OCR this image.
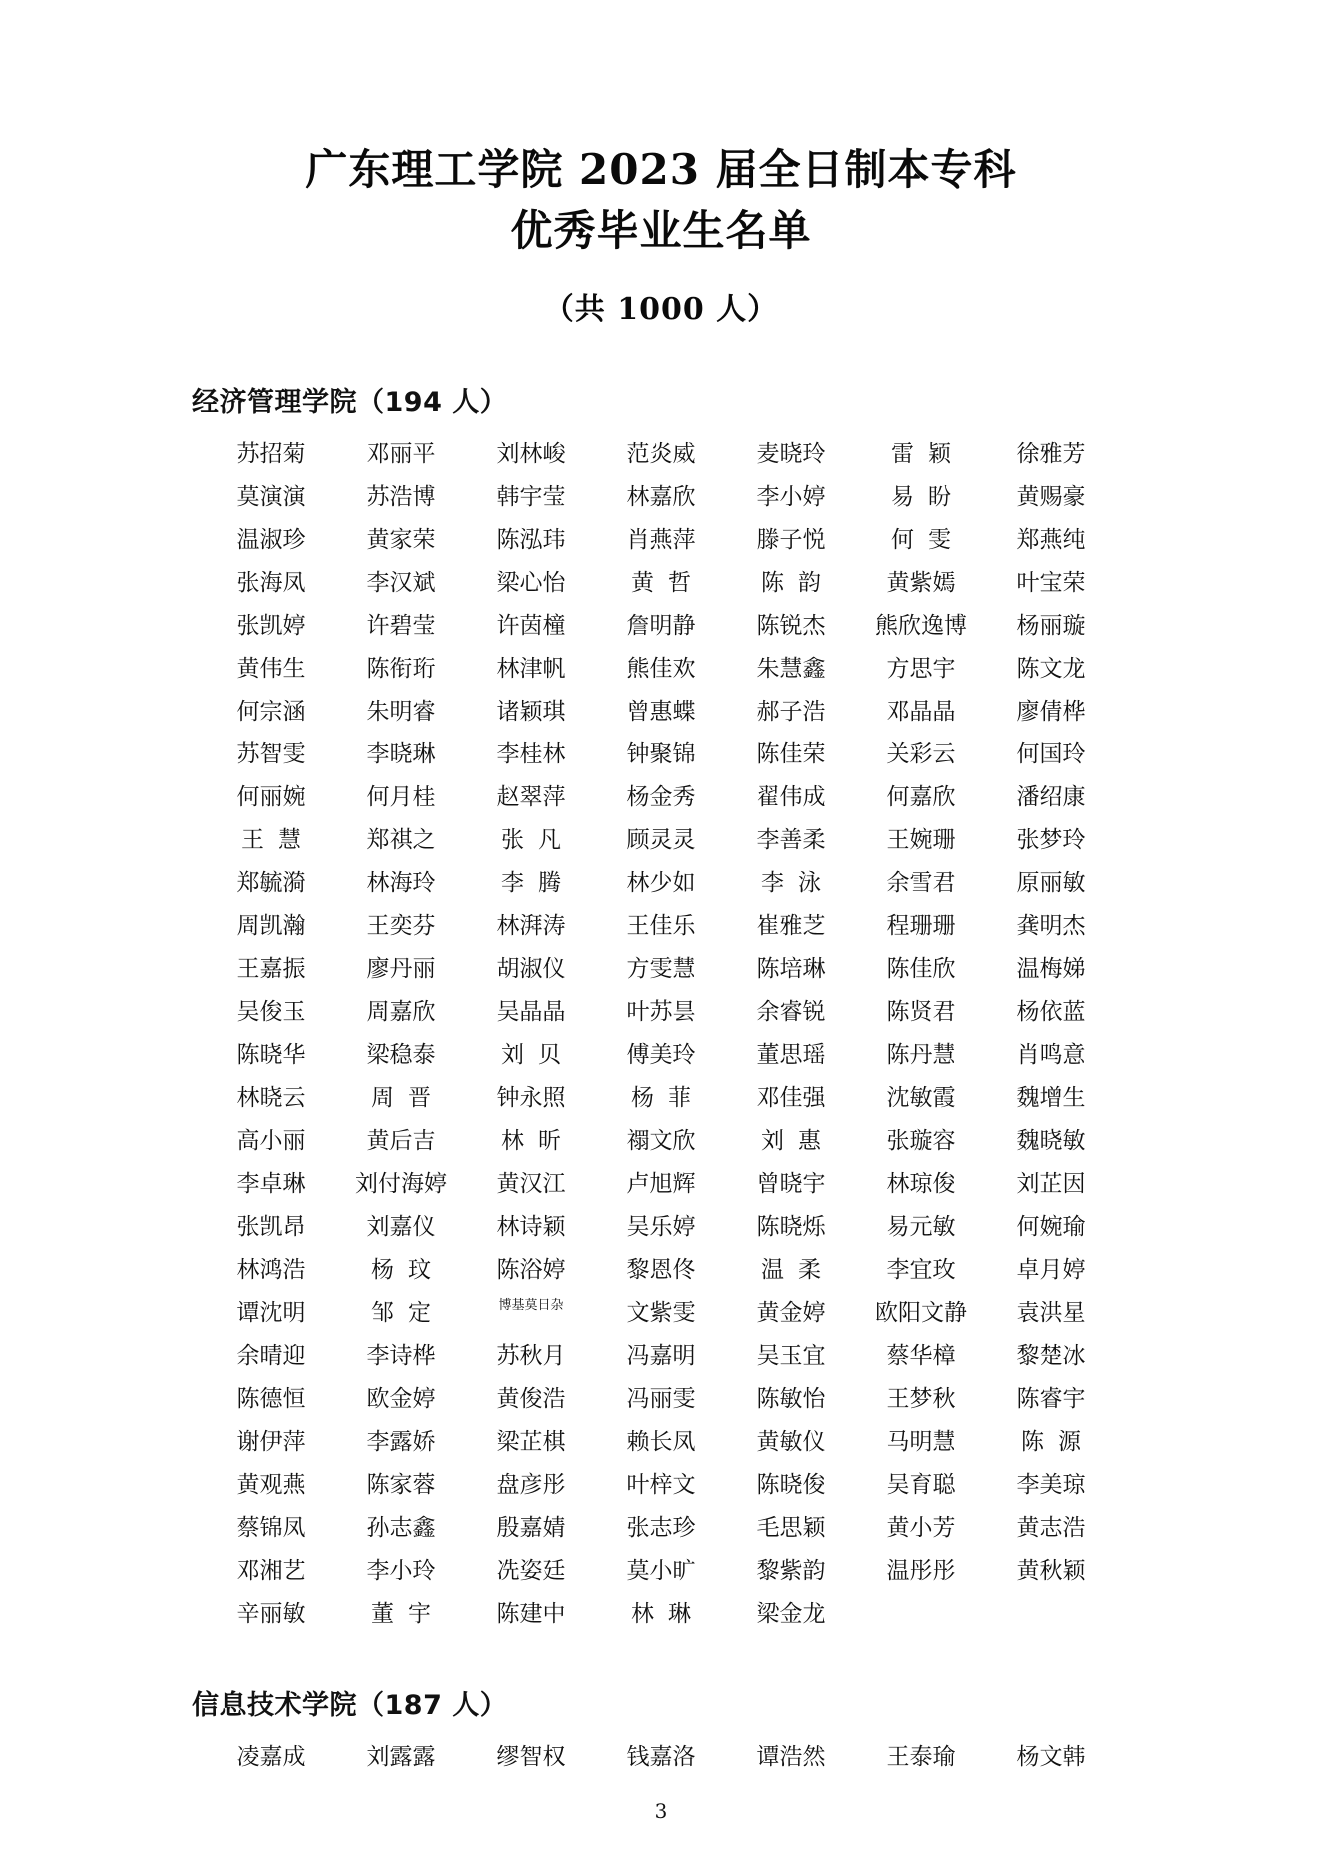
广东理工学院 2023 届全日制本专科
优秀毕业生名单
（共 1000 人）
经济管理学院（194 人）
苏招菊	邓丽平	刘林峻	范炎威	麦晓玲	雷颖	徐雅芳
莫演演	苏浩博	韩宇莹	林嘉欣	李小婷	易盼	黄赐豪
温淑珍	黄家荣	陈泓玮	肖燕萍	滕子悦	何雯	郑燕纯
张海凤	李汉斌	梁心怡	黄哲	陈韵	黄紫嫣	叶宝荣
张凯婷	许碧莹	许茵橦	詹明静	陈锐杰	熊欣逸博	杨丽璇
黄伟生	陈衔珩	林津帆	熊佳欢	朱慧鑫	方思宇	陈文龙
何宗涵	朱明睿	诸颖琪	曾惠蝶	郝子浩	邓晶晶	廖倩桦
苏智雯	李晓琳	李桂林	钟聚锦	陈佳荣	关彩云	何国玲
何丽婉	何月桂	赵翠萍	杨金秀	翟伟成	何嘉欣	潘绍康
王慧	郑祺之	张凡	顾灵灵	李善柔	王婉珊	张梦玲
郑毓漪	林海玲	李腾	林少如	李泳	余雪君	原丽敏
周凯瀚	王奕芬	林湃涛	王佳乐	崔雅芝	程珊珊	龚明杰
王嘉振	廖丹丽	胡淑仪	方雯慧	陈培琳	陈佳欣	温梅娣
吴俊玉	周嘉欣	吴晶晶	叶苏昙	余睿锐	陈贤君	杨依蓝
陈晓华	梁稳泰	刘贝	傅美玲	董思瑶	陈丹慧	肖鸣意
林晓云	周晋	钟永照	杨菲	邓佳强	沈敏霞	魏增生
高小丽	黄后吉	林昕	禤文欣	刘惠	张璇容	魏晓敏
李卓琳	刘付海婷	黄汉江	卢旭辉	曾晓宇	林琼俊	刘芷因
张凯昂	刘嘉仪	林诗颖	吴乐婷	陈晓烁	易元敏	何婉瑜
林鸿浩	杨玟	陈浴婷	黎恩佟	温柔	李宜玫	卓月婷
谭沈明	邹定	博基莫日杂	文紫雯	黄金婷	欧阳文静	袁洪星
余晴迎	李诗桦	苏秋月	冯嘉明	吴玉宜	蔡华樟	黎楚冰
陈德恒	欧金婷	黄俊浩	冯丽雯	陈敏怡	王梦秋	陈睿宇
谢伊萍	李露娇	梁芷棋	赖长凤	黄敏仪	马明慧	陈源
黄观燕	陈家蓉	盘彦彤	叶梓文	陈晓俊	吴育聪	李美琼
蔡锦凤	孙志鑫	殷嘉婧	张志珍	毛思颖	黄小芳	黄志浩
邓湘艺	李小玲	冼姿廷	莫小旷	黎紫韵	温彤彤	黄秋颖
辛丽敏	董宇	陈建中	林琳	梁金龙
信息技术学院（187 人）
凌嘉成	刘露露	缪智权	钱嘉洛	谭浩然	王泰瑜	杨文韩
3
